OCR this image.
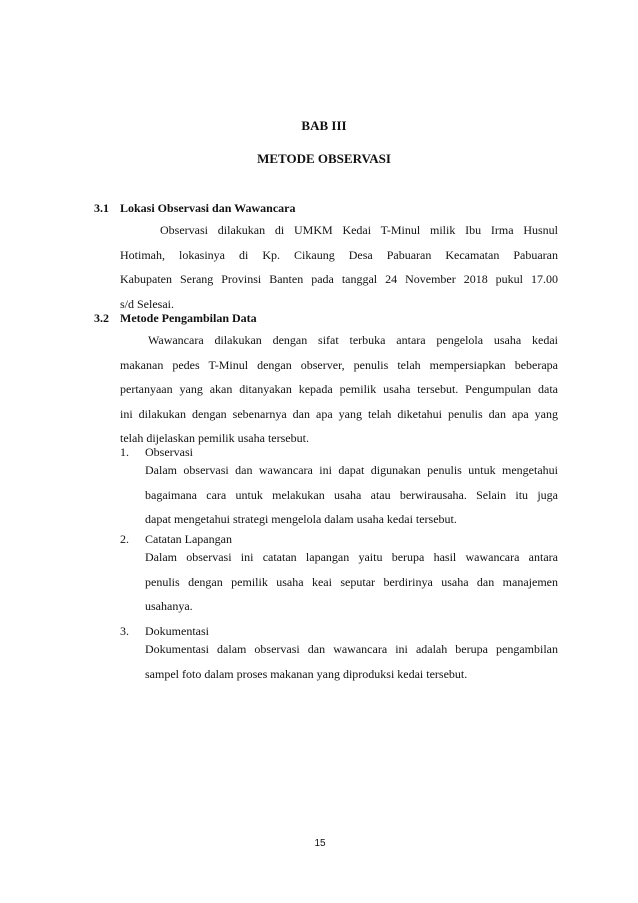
BAB III
METODE OBSERVASI
3.1 Lokasi Observasi dan Wawancara
Observasi dilakukan di UMKM Kedai T-Minul milik Ibu Irma Husnul
Hotimah, lokasinya di Kp. Cikaung Desa Pabuaran Kecamatan Pabuaran
Kabupaten Serang Provinsi Banten pada tanggal 24 November 2018 pukul 17.00
s/d Selesai.
3.2 Metode Pengambilan Data
Wawancara dilakukan dengan sifat terbuka antara pengelola usaha kedai
makanan pedes T-Minul dengan observer, penulis telah mempersiapkan beberapa
pertanyaan yang akan ditanyakan kepada pemilik usaha tersebut. Pengumpulan data
ini dilakukan dengan sebenarnya dan apa yang telah diketahui penulis dan apa yang
telah dijelaskan pemilik usaha tersebut.
1. Observasi
Dalam observasi dan wawancara ini dapat digunakan penulis untuk mengetahui
bagaimana cara untuk melakukan usaha atau berwirausaha. Selain itu juga
dapat mengetahui strategi mengelola dalam usaha kedai tersebut.
2. Catatan Lapangan
Dalam observasi ini catatan lapangan yaitu berupa hasil wawancara antara
penulis dengan pemilik usaha keai seputar berdirinya usaha dan manajemen
usahanya.
3. Dokumentasi
Dokumentasi dalam observasi dan wawancara ini adalah berupa pengambilan
sampel foto dalam proses makanan yang diproduksi kedai tersebut.
15
